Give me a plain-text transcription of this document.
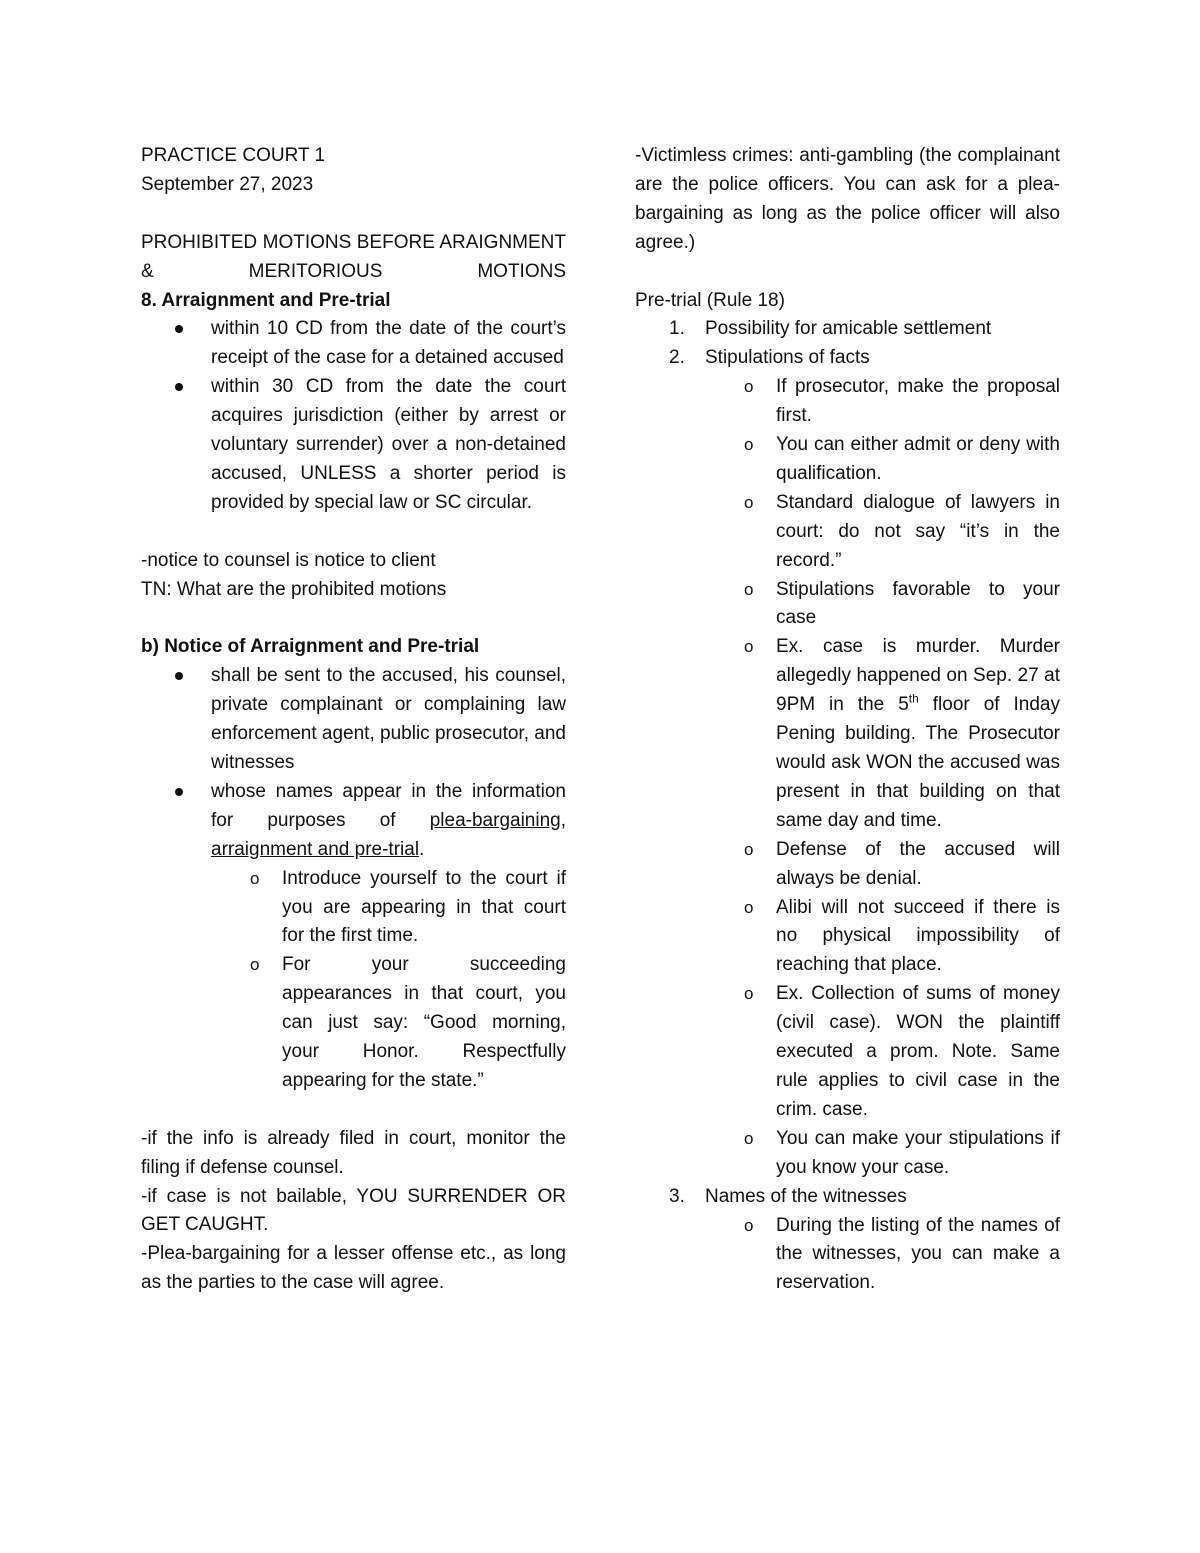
PRACTICE COURT 1

September 27, 2023

PROHIBITED MOTIONS BEFORE ARAIGNMENT & MERITORIOUS MOTIONS

8. Arraignment and Pre-trial

within 10 CD from the date of the court’s receipt of the case for a detained accused

within 30 CD from the date the court acquires jurisdiction (either by arrest or voluntary surrender) over a non-detained accused, UNLESS a shorter period is provided by special law or SC circular.

-notice to counsel is notice to client

TN: What are the prohibited motions

b) Notice of Arraignment and Pre-trial

shall be sent to the accused, his counsel, private complainant or complaining law enforcement agent, public prosecutor, and witnesses

whose names appear in the information for purposes of plea-bargaining, arraignment and pre-trial.

o Introduce yourself to the court if you are appearing in that court for the first time.

o For your succeeding appearances in that court, you can just say: “Good morning, your Honor. Respectfully appearing for the state.”

-if the info is already filed in court, monitor the filing if defense counsel.

-if case is not bailable, YOU SURRENDER OR GET CAUGHT.

-Plea-bargaining for a lesser offense etc., as long as the parties to the case will agree.

-Victimless crimes: anti-gambling (the complainant are the police officers. You can ask for a plea-bargaining as long as the police officer will also agree.)

Pre-trial (Rule 18)

1. Possibility for amicable settlement

2. Stipulations of facts

o If prosecutor, make the proposal first.

o You can either admit or deny with qualification.

o Standard dialogue of lawyers in court: do not say “it’s in the record.”

o Stipulations favorable to your case

o Ex. case is murder. Murder allegedly happened on Sep. 27 at 9PM in the 5th floor of Inday Pening building. The Prosecutor would ask WON the accused was present in that building on that same day and time.

o Defense of the accused will always be denial.

o Alibi will not succeed if there is no physical impossibility of reaching that place.

o Ex. Collection of sums of money (civil case). WON the plaintiff executed a prom. Note. Same rule applies to civil case in the crim. case.

o You can make your stipulations if you know your case.

3. Names of the witnesses

o During the listing of the names of the witnesses, you can make a reservation.
